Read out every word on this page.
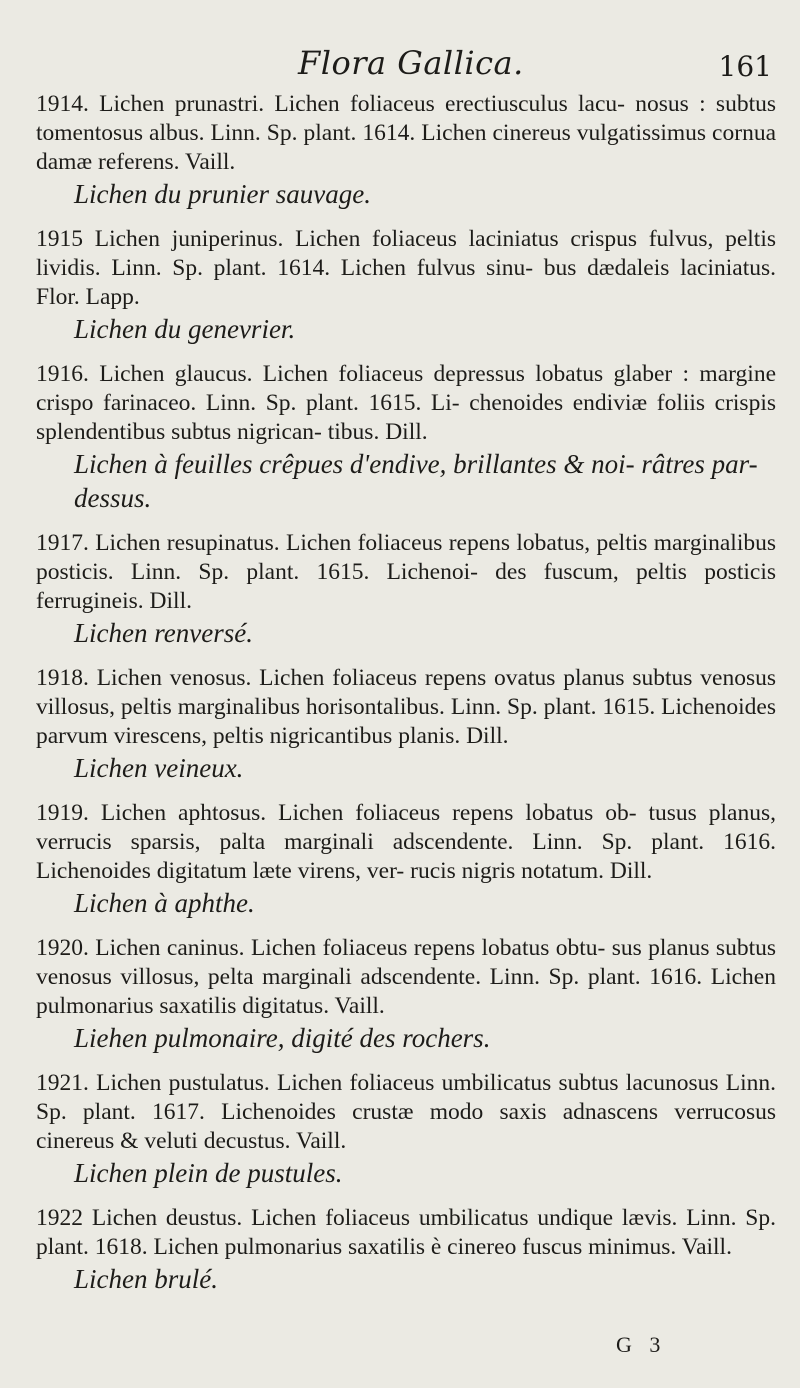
Flora Gallica.	161
1914. Lichen prunastri. Lichen foliaceus erectiusculus lacu- nosus : subtus tomentosus albus. Linn. Sp. plant. 1614. Lichen cinereus vulgatissimus cornua damæ referens. Vaill.
Lichen du prunier sauvage.
1915 Lichen juniperinus. Lichen foliaceus laciniatus crispus fulvus, peltis lividis. Linn. Sp. plant. 1614. Lichen fulvus sinu- bus dædaleis laciniatus. Flor. Lapp.
Lichen du genevrier.
1916. Lichen glaucus. Lichen foliaceus depressus lobatus glaber : margine crispo farinaceo. Linn. Sp. plant. 1615. Li- chenoides endiviæ foliis crispis splendentibus subtus nigrican- tibus. Dill.
Lichen à feuilles crêpues d'endive, brillantes & noi- râtres par-dessus.
1917. Lichen resupinatus. Lichen foliaceus repens lobatus, peltis marginalibus posticis. Linn. Sp. plant. 1615. Lichenoi- des fuscum, peltis posticis ferrugineis. Dill.
Lichen renversé.
1918. Lichen venosus. Lichen foliaceus repens ovatus planus subtus venosus villosus, peltis marginalibus horisontalibus. Linn. Sp. plant. 1615. Lichenoides parvum virescens, peltis nigricantibus planis. Dill.
Lichen veineux.
1919. Lichen aphtosus. Lichen foliaceus repens lobatus ob- tusus planus, verrucis sparsis, palta marginali adscendente. Linn. Sp. plant. 1616. Lichenoides digitatum læte virens, ver- rucis nigris notatum. Dill.
Lichen à aphthe.
1920. Lichen caninus. Lichen foliaceus repens lobatus obtu- sus planus subtus venosus villosus, pelta marginali adscendente. Linn. Sp. plant. 1616. Lichen pulmonarius saxatilis digitatus. Vaill.
Liehen pulmonaire, digité des rochers.
1921. Lichen pustulatus. Lichen foliaceus umbilicatus subtus lacunosus Linn. Sp. plant. 1617. Lichenoides crustæ modo saxis adnascens verrucosus cinereus & veluti decustus. Vaill.
Lichen plein de pustules.
1922 Lichen deustus. Lichen foliaceus umbilicatus undique lævis. Linn. Sp. plant. 1618. Lichen pulmonarius saxatilis è cinereo fuscus minimus. Vaill.
Lichen brulé.
G 3
